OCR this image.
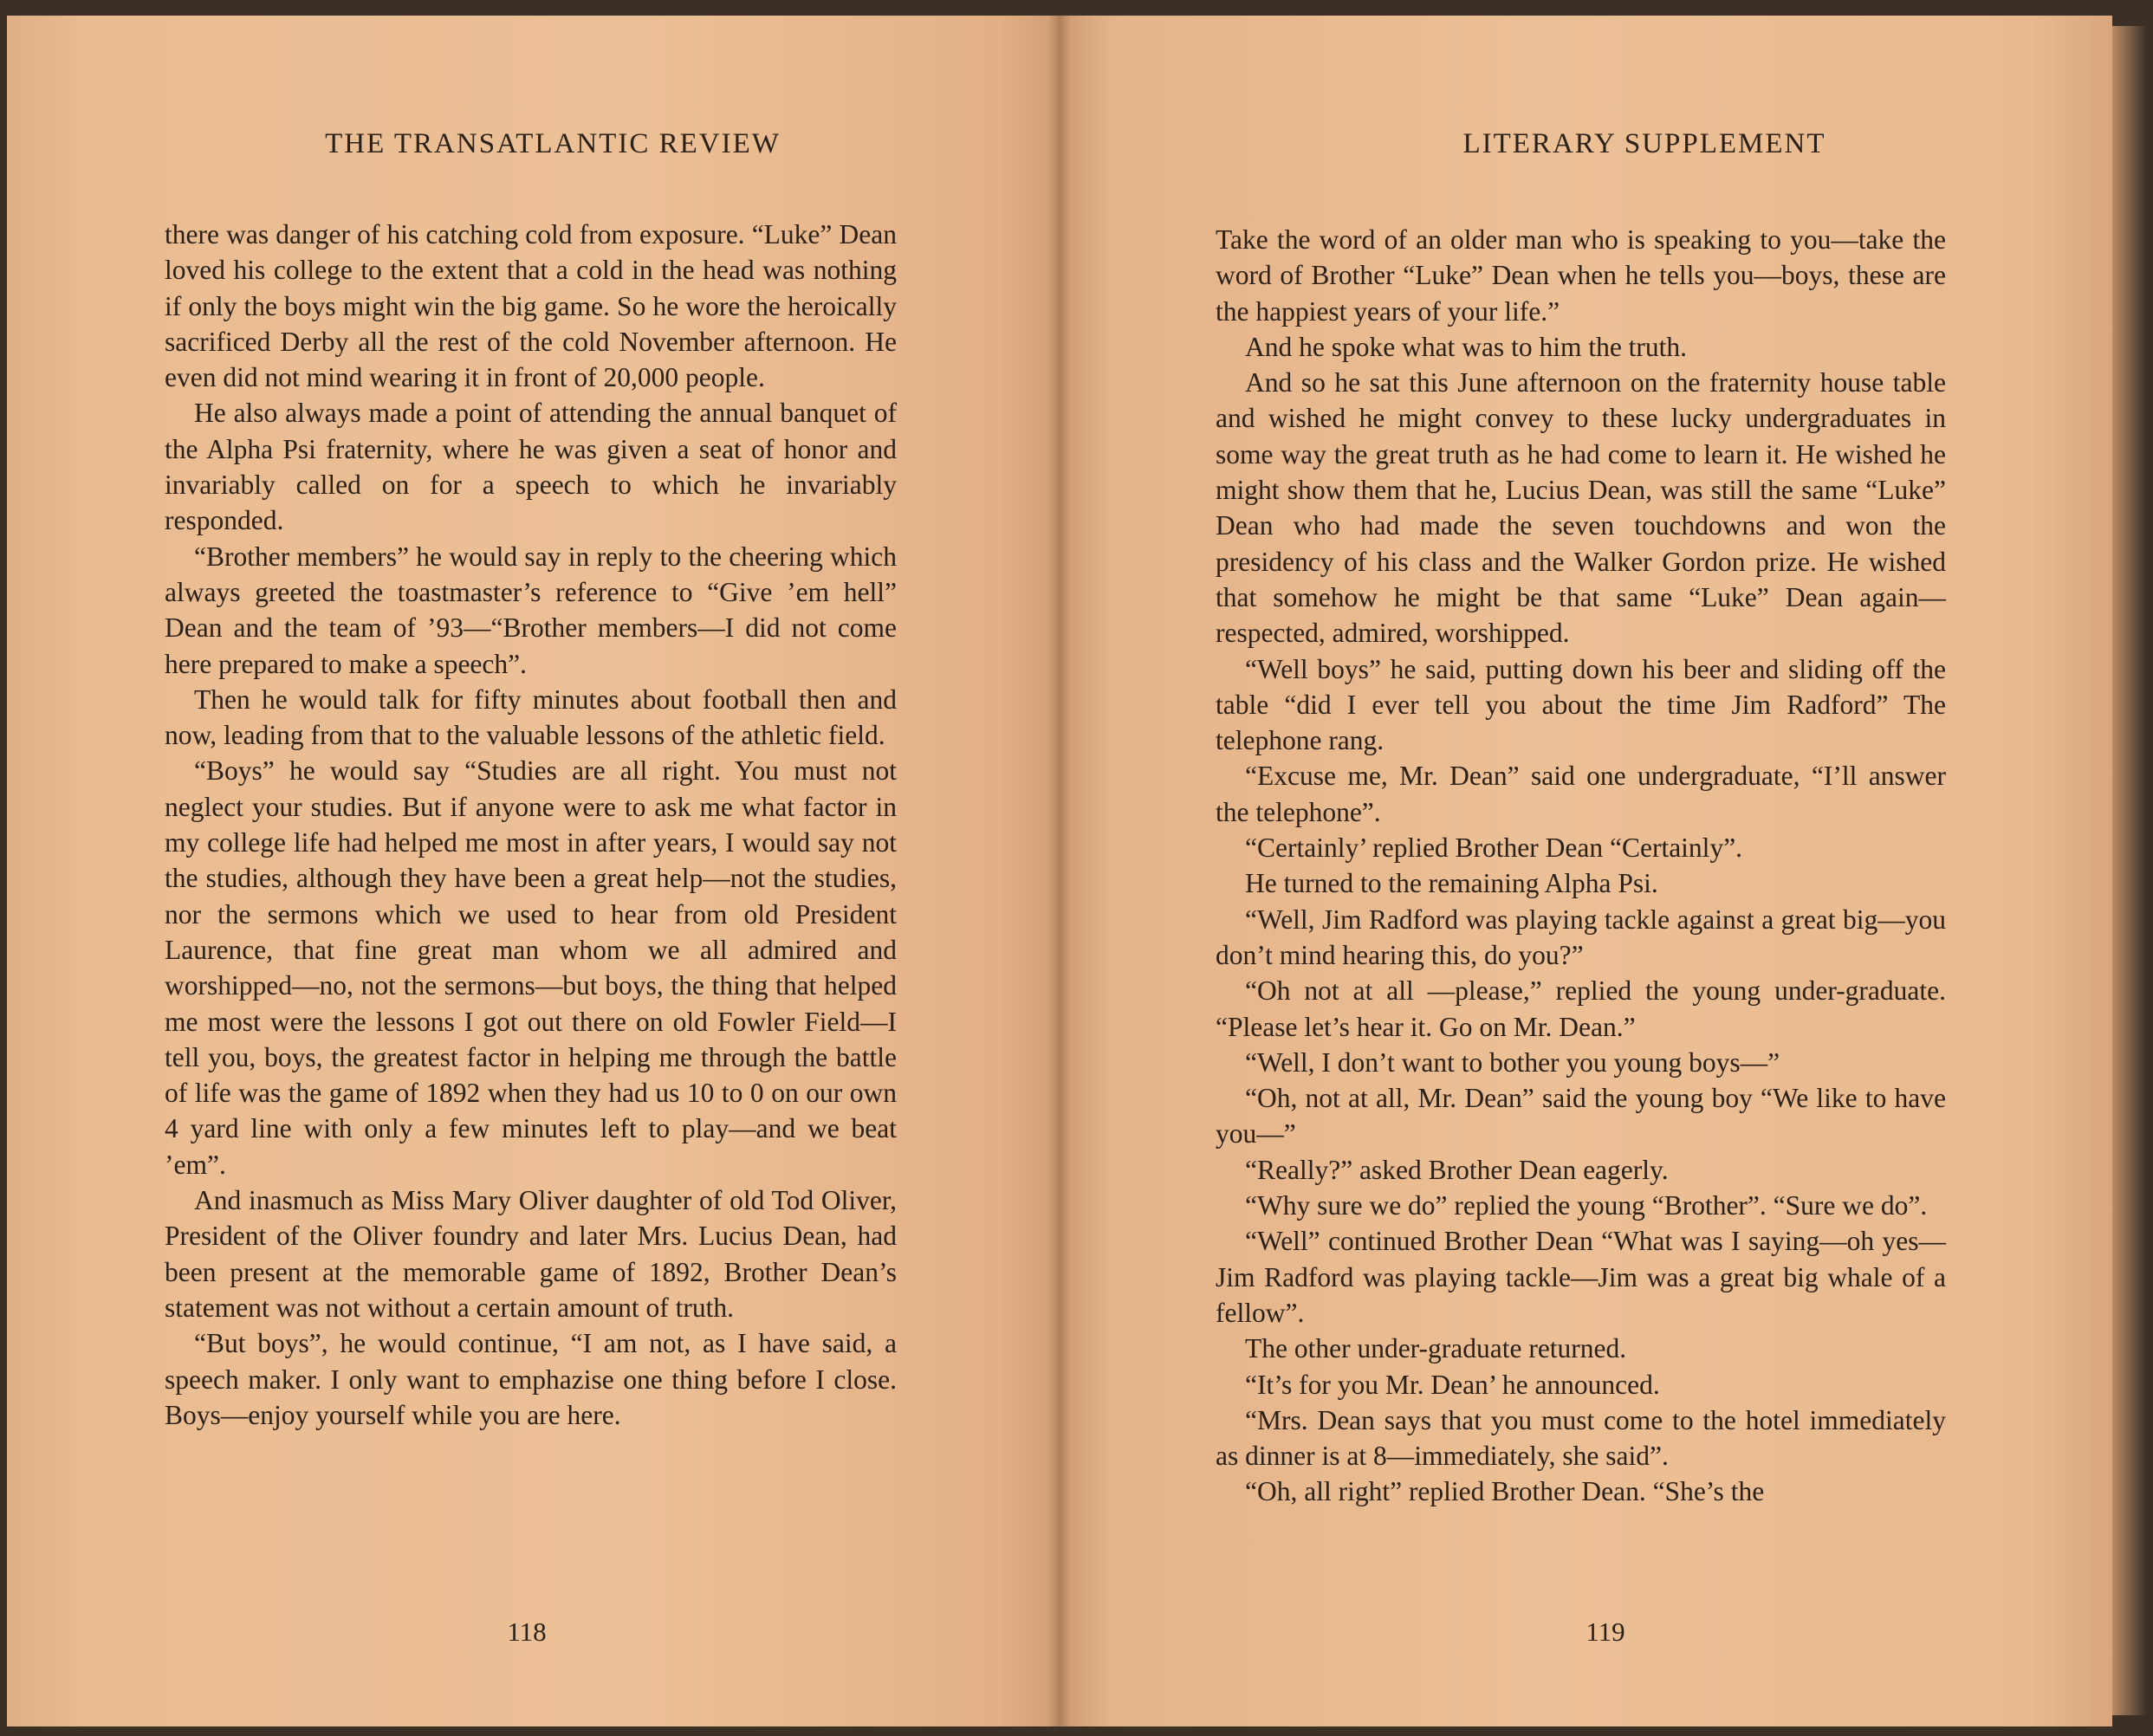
THE TRANSATLANTIC REVIEW

there was danger of his catching cold from exposure. “Luke” Dean loved his college to the extent that a cold in the head was nothing if only the boys might win the big game. So he wore the heroically sacrificed Derby all the rest of the cold November afternoon. He even did not mind wearing it in front of 20,000 people.

He also always made a point of attending the annual banquet of the Alpha Psi fraternity, where he was given a seat of honor and invariably called on for a speech to which he invariably responded.

“Brother members” he would say in reply to the cheering which always greeted the toastmaster’s reference to “Give ’em hell” Dean and the team of ’93—“Brother members—I did not come here prepared to make a speech”.

Then he would talk for fifty minutes about football then and now, leading from that to the valuable lessons of the athletic field.

“Boys” he would say “Studies are all right. You must not neglect your studies. But if anyone were to ask me what factor in my college life had helped me most in after years, I would say not the studies, although they have been a great help—not the studies, nor the sermons which we used to hear from old President Laurence, that fine great man whom we all admired and worshipped—no, not the sermons—but boys, the thing that helped me most were the lessons I got out there on old Fowler Field—I tell you, boys, the greatest factor in helping me through the battle of life was the game of 1892 when they had us 10 to 0 on our own 4 yard line with only a few minutes left to play—and we beat ’em”.

And inasmuch as Miss Mary Oliver daughter of old Tod Oliver, President of the Oliver foundry and later Mrs. Lucius Dean, had been present at the memorable game of 1892, Brother Dean’s statement was not without a certain amount of truth.

“But boys”, he would continue, “I am not, as I have said, a speech maker. I only want to emphazise one thing before I close. Boys—enjoy yourself while you are here.

118
LITERARY SUPPLEMENT

Take the word of an older man who is speaking to you—take the word of Brother “Luke” Dean when he tells you—boys, these are the happiest years of your life.”

And he spoke what was to him the truth.

And so he sat this June afternoon on the fraternity house table and wished he might convey to these lucky undergraduates in some way the great truth as he had come to learn it. He wished he might show them that he, Lucius Dean, was still the same “Luke” Dean who had made the seven touchdowns and won the presidency of his class and the Walker Gordon prize. He wished that somehow he might be that same “Luke” Dean again—respected, admired, worshipped.

“Well boys” he said, putting down his beer and sliding off the table “did I ever tell you about the time Jim Radford” The telephone rang.

“Excuse me, Mr. Dean” said one undergraduate, “I’ll answer the telephone”.

“Certainly’ replied Brother Dean “Certainly”.

He turned to the remaining Alpha Psi.

“Well, Jim Radford was playing tackle against a great big—you don’t mind hearing this, do you?”

“Oh not at all —please,” replied the young under-graduate. “Please let’s hear it. Go on Mr. Dean.”

“Well, I don’t want to bother you young boys—”

“Oh, not at all, Mr. Dean” said the young boy “We like to have you—”

“Really?” asked Brother Dean eagerly.

“Why sure we do” replied the young “Brother”. “Sure we do”.

“Well” continued Brother Dean “What was I saying—oh yes—Jim Radford was playing tackle—Jim was a great big whale of a fellow”.

The other under-graduate returned.

“It’s for you Mr. Dean’ he announced.

“Mrs. Dean says that you must come to the hotel immediately as dinner is at 8—immediately, she said”.

“Oh, all right” replied Brother Dean. “She’s the

119
